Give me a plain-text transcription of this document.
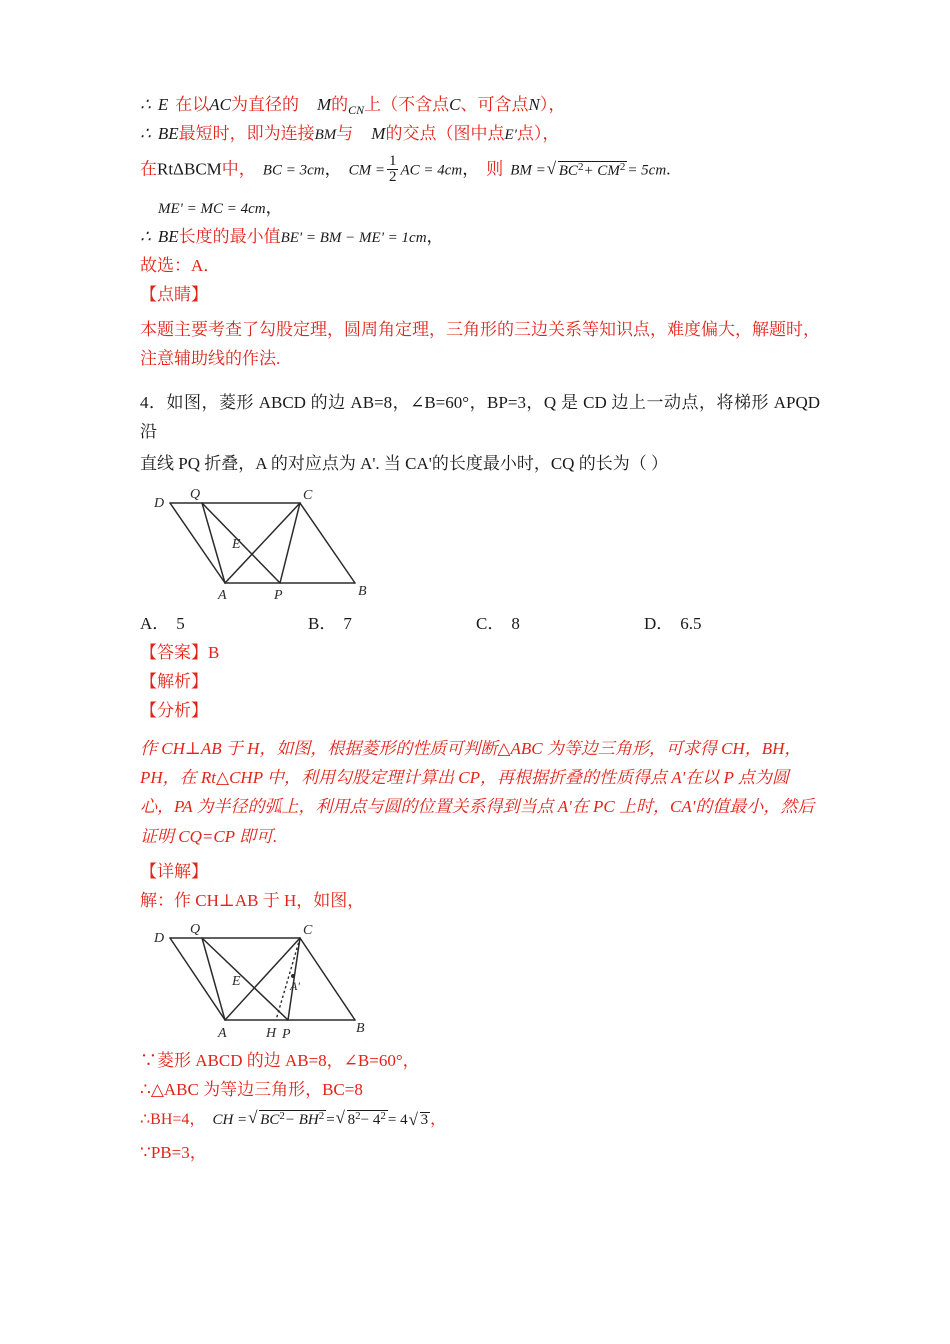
∴ E 在以AC为直径的 M的$_{CN}$上（不含点C、可含点N），
∴ BE最短时，即为连接BM与 M的交点（图中点E'点），
在RtΔBCM中， BC = 3cm， CM = $\frac{1}{2}$ AC = 4cm， 则 BM = √ $BC^2+ CM^2 = 5cm$.
ME' = MC = 4cm，
∴ BE长度的最小值BE' = BM − ME' = 1cm，
故选：A．
【点睛】
本题主要考查了勾股定理，圆周角定理，三角形的三边关系等知识点，难度偏大，解题时，注意辅助线的作法.
4．如图，菱形 ABCD 的边 AB=8，∠B=60°，BP=3，Q 是 CD 边上一动点，将梯形 APQD 沿
直线 PQ 折叠，A 的对应点为 A'. 当 CA'的长度最小时，CQ 的长为（ ）
D
Q	C
E
A	P	B
A． 5	B． 7	C． 8	D． 6.5
【答案】B
【解析】
【分析】
作 CH⊥AB 于 H，如图，根据菱形的性质可判断△ABC 为等边三角形，可求得 CH，BH，PH，在 Rt△CHP 中，利用勾股定理计算出 CP，再根据折叠的性质得点 A'在以 P 点为圆心，PA 为半径的弧上，利用点与圆的位置关系得到当点 A'在 PC 上时，CA'的值最小，然后证明 CQ=CP 即可.
【详解】
解：作 CH⊥AB 于 H，如图，
D
Q	C
E	A'
A	H P	B
∵菱形 ABCD 的边 AB=8，∠B=60°，
∴△ABC 为等边三角形，BC=8
∴BH=4， CH = √ $BC^2- BH^2$ = √ $8^2- 4^2 = 4$ √ 3 ，
∵PB=3，
